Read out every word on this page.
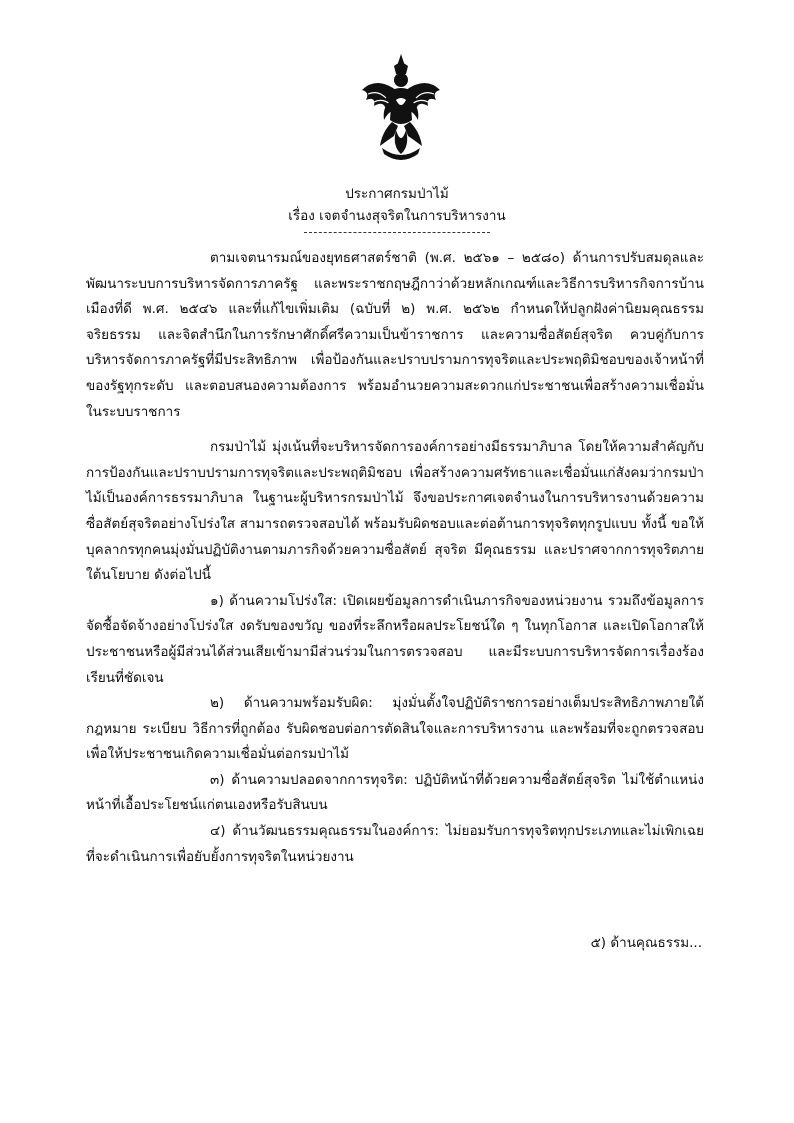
ประกาศกรมป่าไม้
เรื่อง เจตจำนงสุจริตในการบริหารงาน

ตามเจตนารมณ์ของยุทธศาสตร์ชาติ (พ.ศ. ๒๕๖๑ – ๒๕๘๐) ด้านการปรับสมดุลและพัฒนาระบบการบริหารจัดการภาครัฐ และพระราชกฤษฎีกาว่าด้วยหลักเกณฑ์และวิธีการบริหารกิจการบ้านเมืองที่ดี พ.ศ. ๒๕๔๖ และที่แก้ไขเพิ่มเติม (ฉบับที่ ๒) พ.ศ. ๒๕๖๒ กำหนดให้ปลูกฝังค่านิยมคุณธรรม จริยธรรม และจิตสำนึกในการรักษาศักดิ์ศรีความเป็นข้าราชการ และความซื่อสัตย์สุจริต ควบคู่กับการบริหารจัดการภาครัฐที่มีประสิทธิภาพ เพื่อป้องกันและปราบปรามการทุจริตและประพฤติมิชอบของเจ้าหน้าที่ของรัฐทุกระดับ และตอบสนองความต้องการ พร้อมอำนวยความสะดวกแก่ประชาชนเพื่อสร้างความเชื่อมั่นในระบบราชการ

กรมป่าไม้ มุ่งเน้นที่จะบริหารจัดการองค์การอย่างมีธรรมาภิบาล โดยให้ความสำคัญกับการป้องกันและปราบปรามการทุจริตและประพฤติมิชอบ เพื่อสร้างความศรัทธาและเชื่อมั่นแก่สังคมว่ากรมป่าไม้เป็นองค์การธรรมาภิบาล ในฐานะผู้บริหารกรมป่าไม้ จึงขอประกาศเจตจำนงในการบริหารงานด้วยความซื่อสัตย์สุจริตอย่างโปร่งใส สามารถตรวจสอบได้ พร้อมรับผิดชอบและต่อต้านการทุจริตทุกรูปแบบ ทั้งนี้ ขอให้บุคลากรทุกคนมุ่งมั่นปฏิบัติงานตามภารกิจด้วยความซื่อสัตย์ สุจริต มีคุณธรรม และปราศจากการทุจริตภายใต้นโยบาย ดังต่อไปนี้

๑) ด้านความโปร่งใส: เปิดเผยข้อมูลการดำเนินภารกิจของหน่วยงาน รวมถึงข้อมูลการจัดซื้อจัดจ้างอย่างโปร่งใส งดรับของขวัญ ของที่ระลึกหรือผลประโยชน์ใด ๆ ในทุกโอกาส และเปิดโอกาสให้ประชาชนหรือผู้มีส่วนได้ส่วนเสียเข้ามามีส่วนร่วมในการตรวจสอบ และมีระบบการบริหารจัดการเรื่องร้องเรียนที่ชัดเจน

๒) ด้านความพร้อมรับผิด: มุ่งมั่นตั้งใจปฏิบัติราชการอย่างเต็มประสิทธิภาพภายใต้กฎหมาย ระเบียบ วิธีการที่ถูกต้อง รับผิดชอบต่อการตัดสินใจและการบริหารงาน และพร้อมที่จะถูกตรวจสอบ เพื่อให้ประชาชนเกิดความเชื่อมั่นต่อกรมป่าไม้

๓) ด้านความปลอดจากการทุจริต: ปฏิบัติหน้าที่ด้วยความซื่อสัตย์สุจริต ไม่ใช้ตำแหน่งหน้าที่เอื้อประโยชน์แก่ตนเองหรือรับสินบน

๔) ด้านวัฒนธรรมคุณธรรมในองค์การ: ไม่ยอมรับการทุจริตทุกประเภทและไม่เพิกเฉยที่จะดำเนินการเพื่อยับยั้งการทุจริตในหน่วยงาน

๕) ด้านคุณธรรม...
